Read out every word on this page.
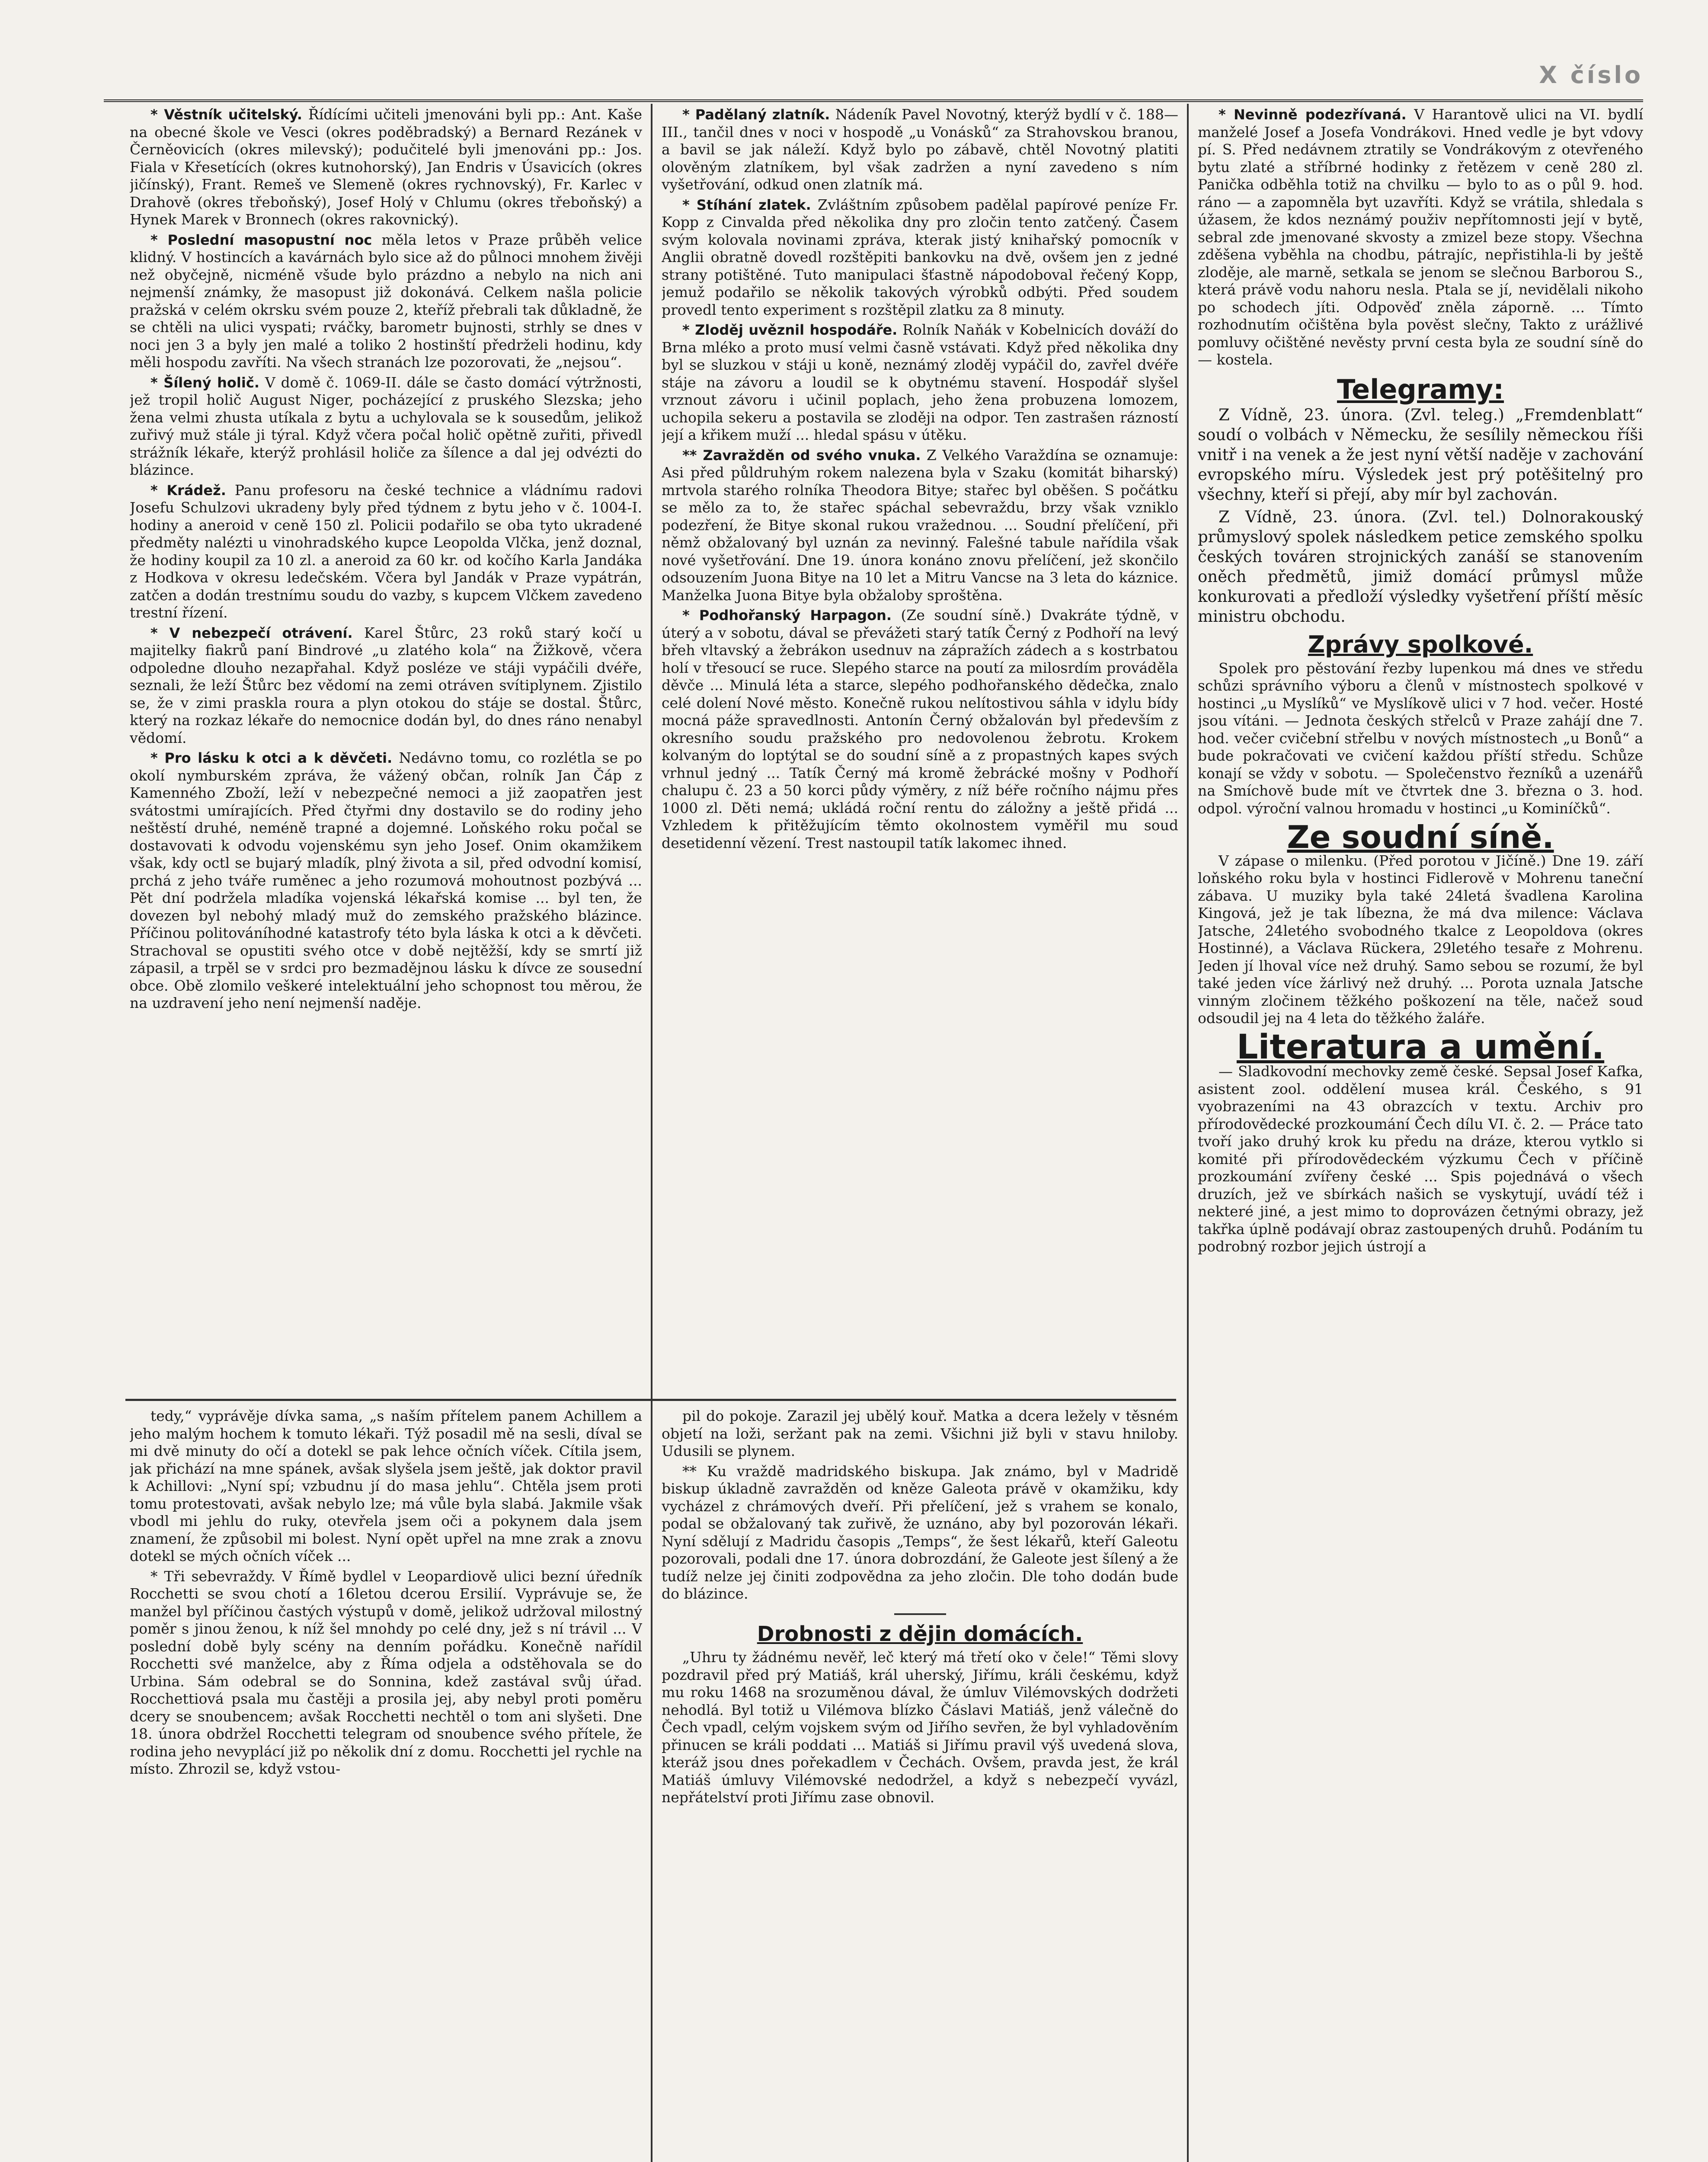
X číslo

* Věstník učitelský. Řídícími učiteli jmenováni byli pp.: Ant. Kaše na obecné škole ve Vesci (okres poděbradský) a Bernard Rezánek v Černěovicích (okres milevský); podučitelé byli jmenováni pp.: Jos. Fiala v Křesetících (okres kutnohorský), Jan Endris v Úsavicích (okres jičínský), Frant. Remeš ve Slemeně (okres rychnovský), Fr. Karlec v Drahově (okres třeboňský), Josef Holý v Chlumu (okres třeboňský) a Hynek Marek v Bronnech (okres rakovnický).

* Poslední masopustní noc měla letos v Praze průběh velice klidný. V hostincích a kavárnách bylo sice až do půlnoci mnohem živěji než obyčejně, nicméně všude bylo prázdno a nebylo na nich ani nejmenší známky, že masopust již dokonává. Celkem našla policie pražská v celém okrsku svém pouze 2, kteříž přebrali tak důkladně, že se chtěli na ulici vyspati; rváčky, barometr bujnosti, strhly se dnes v noci jen 3 a byly jen malé a toliko 2 hostinští předrželi hodinu, kdy měli hospodu zavříti. Na všech stranách lze pozorovati, že „nejsou“.

* Šílený holič. V domě č. 1069-II. dále se často domácí výtržnosti, jež tropil holič August Niger, pocházející z pruského Slezska; jeho žena velmi zhusta utíkala z bytu a uchylovala se k sousedům, jelikož zuřivý muž stále ji týral. Když včera počal holič opětně zuřiti, přivedl strážník lékaře, kterýž prohlásil holiče za šílence a dal jej odvézti do blázince.

* Krádež. Panu profesoru na české technice a vládnímu radovi Josefu Schulzovi ukradeny byly před týdnem z bytu jeho v č. 1004-I. hodiny a aneroid v ceně 150 zl. Policii podařilo se oba tyto ukradené předměty nalézti u vinohradského kupce Leopolda Vlčka, jenž doznal, že hodiny koupil za 10 zl. a aneroid za 60 kr. od kočího Karla Jandáka z Hodkova v okresu ledečském. Včera byl Jandák v Praze vypátrán, zatčen a dodán trestnímu soudu do vazby, s kupcem Vlčkem zavedeno trestní řízení.

* V nebezpečí otrávení. Karel Štůrc, 23 roků starý kočí u majitelky fiakrů paní Bindrové „u zlatého kola“ na Žižkově, včera odpoledne dlouho nezapřahal. Když posléze ve stáji vypáčili dvéře, seznali, že leží Štůrc bez vědomí na zemi otráven svítiplynem. Zjistilo se, že v zimi praskla roura a plyn otokou do stáje se dostal. Štůrc, který na rozkaz lékaře do nemocnice dodán byl, do dnes ráno nenabyl vědomí.

* Pro lásku k otci a k děvčeti. Nedávno tomu, co rozlétla se po okolí nymburském zpráva, že vážený občan, rolník Jan Čáp z Kamenného Zboží, leží v nebezpečné nemoci a již zaopatřen jest svátostmi umírajících. Před čtyřmi dny dostavilo se do rodiny jeho neštěstí druhé, neméně trapné a dojemné. Loňského roku počal se dostavovati k odvodu vojenskému syn jeho Josef. Onim okamžikem však, kdy octl se bujarý mladík, plný života a sil, před odvodní komisí, prchá z jeho tváře ruměnec a jeho rozumová mohoutnost pozbývá ... Pět dní podržela mladíka vojenská lékařská komise ... byl ten, že dovezen byl nebohý mladý muž do zemského pražského blázince. Příčinou politováníhodné katastrofy této byla láska k otci a k děvčeti. Strachoval se opustiti svého otce v době nejtěžší, kdy se smrtí již zápasil, a trpěl se v srdci pro bezmadějnou lásku k dívce ze sousední obce. Obě zlomilo veškeré intelektuální jeho schopnost tou měrou, že na uzdravení jeho není nejmenší naděje.

tedy,“ vyprávěje dívka sama, „s naším přítelem panem Achillem a jeho malým hochem k tomuto lékaři. Týž posadil mě na sesli, díval se mi dvě minuty do očí a dotekl se pak lehce očních víček. Cítila jsem, jak přichází na mne spánek, avšak slyšela jsem ještě, jak doktor pravil k Achillovi: „Nyní spí; vzbudnu jí do masa jehlu“. Chtěla jsem proti tomu protestovati, avšak nebylo lze; má vůle byla slabá. Jakmile však vbodl mi jehlu do ruky, otevřela jsem oči a pokynem dala jsem znamení, že způsobil mi bolest. Nyní opět upřel na mne zrak a znovu dotekl se mých očních víček ...

* Tři sebevraždy. V Římě bydlel v Leopardiově ulici bezní úředník Rocchetti se svou chotí a 16letou dcerou Ersilií. Vyprávuje se, že manžel byl příčinou častých výstupů v domě, jelikož udržoval milostný poměr s jinou ženou, k níž šel mnohdy po celé dny, jež s ní trávil ... V poslední době byly scény na denním pořádku. Konečně nařídil Rocchetti své manželce, aby z Říma odjela a odstěhovala se do Urbina. Sám odebral se do Sonnina, kdež zastával svůj úřad. Rocchettiová psala mu častěji a prosila jej, aby nebyl proti poměru dcery se snoubencem; avšak Rocchetti nechtěl o tom ani slyšeti. Dne 18. února obdržel Rocchetti telegram od snoubence svého přítele, že rodina jeho nevyplácí již po několik dní z domu. Rocchetti jel rychle na místo. Zhrozil se, když vstou-

* Padělaný zlatník. Nádeník Pavel Novotný, kterýž bydlí v č. 188—III., tančil dnes v noci v hospodě „u Vonásků“ za Strahovskou branou, a bavil se jak náleží. Když bylo po zábavě, chtěl Novotný platiti olověným zlatníkem, byl však zadržen a nyní zavedeno s ním vyšetřování, odkud onen zlatník má.

* Stíhání zlatek. Zvláštním způsobem padělal papírové peníze Fr. Kopp z Cinvalda před několika dny pro zločin tento zatčený. Časem svým kolovala novinami zpráva, kterak jistý knihařský pomocník v Anglii obratně dovedl rozštěpiti bankovku na dvě, ovšem jen z jedné strany potištěné. Tuto manipulaci šťastně nápodoboval řečený Kopp, jemuž podařilo se několik takových výrobků odbýti. Před soudem provedl tento experiment s rozštěpil zlatku za 8 minuty.

* Zloděj uvěznil hospodáře. Rolník Naňák v Kobelnicích dováží do Brna mléko a proto musí velmi časně vstávati. Když před několika dny byl se sluzkou v stáji u koně, neznámý zloděj vypáčil do, zavřel dvéře stáje na závoru a loudil se k obytnému stavení. Hospodář slyšel vrznout závoru i učinil poplach, jeho žena probuzena lomozem, uchopila sekeru a postavila se zloději na odpor. Ten zastrašen rázností její a křikem muží ... hledal spásu v útěku.

** Zavražděn od svého vnuka. Z Velkého Varaždína se oznamuje: Asi před půldruhým rokem nalezena byla v Szaku (komitát biharský) mrtvola starého rolníka Theodora Bitye; stařec byl oběšen. S počátku se mělo za to, že stařec spáchal sebevraždu, brzy však vzniklo podezření, že Bitye skonal rukou vražednou. ... Soudní přelíčení, při němž obžalovaný byl uznán za nevinný. Falešné tabule nařídila však nové vyšetřování. Dne 19. února konáno znovu přelíčení, jež skončilo odsouzením Juona Bitye na 10 let a Mitru Vancse na 3 leta do káznice. Manželka Juona Bitye byla obžaloby sproštěna.

* Podhořanský Harpagon. (Ze soudní síně.) Dvakráte týdně, v úterý a v sobotu, dával se převážeti starý tatík Černý z Podhoří na levý břeh vltavský a žebrákon usednuv na zápražích zádech a s kostrbatou holí v třesoucí se ruce. Slepého starce na poutí za milosrdím prováděla děvče ... Minulá léta a starce, slepého podhořanského dědečka, znalo celé dolení Nové město. Konečně rukou nelítostivou sáhla v idylu bídy mocná páže spravedlnosti. Antonín Černý obžalován byl především z okresního soudu pražského pro nedovolenou žebrotu. Krokem kolvaným do loptýtal se do soudní síně a z propastných kapes svých vrhnul jedný ... Tatík Černý má kromě žebrácké mošny v Podhoří chalupu č. 23 a 50 korci půdy výměry, z níž béře ročního nájmu přes 1000 zl. Děti nemá; ukládá roční rentu do záložny a ještě přidá ... Vzhledem k přitěžujícím těmto okolnostem vyměřil mu soud desetidenní vězení. Trest nastoupil tatík lakomec ihned.

pil do pokoje. Zarazil jej ubělý kouř. Matka a dcera ležely v těsném objetí na loži, seržant pak na zemi. Všichni již byli v stavu hniloby. Udusili se plynem.

** Ku vraždě madridského biskupa. Jak známo, byl v Madridě biskup úkladně zavražděn od kněze Galeota právě v okamžiku, kdy vycházel z chrámových dveří. Při přelíčení, jež s vrahem se konalo, podal se obžalovaný tak zuřivě, že uznáno, aby byl pozorován lékaři. Nyní sdělují z Madridu časopis „Temps“, že šest lékařů, kteří Galeotu pozorovali, podali dne 17. února dobrozdání, že Galeote jest šílený a že tudíž nelze jej činiti zodpovědna za jeho zločin. Dle toho dodán bude do blázince.

Drobnosti z dějin domácích.

„Uhru ty žádnému nevěř, leč který má třetí oko v čele!“ Těmi slovy pozdravil před prý Matiáš, král uherský, Jiřímu, králi českému, když mu roku 1468 na srozuměnou dával, že úmluv Vilémovských dodržeti nehodlá. Byl totiž u Vilémova blízko Čáslavi Matiáš, jenž válečně do Čech vpadl, celým vojskem svým od Jiřího sevřen, že byl vyhladověním přinucen se králi poddati ... Matiáš si Jiřímu pravil výš uvedená slova, kteráž jsou dnes pořekadlem v Čechách. Ovšem, pravda jest, že král Matiáš úmluvy Vilémovské nedodržel, a když s nebezpečí vyvázl, nepřátelství proti Jiřímu zase obnovil.

* Nevinně podezřívaná. V Harantově ulici na VI. bydlí manželé Josef a Josefa Vondrákovi. Hned vedle je byt vdovy pí. S. Před nedávnem ztratily se Vondrákovým z otevřeného bytu zlaté a stříbrné hodinky z řetězem v ceně 280 zl. Panička odběhla totiž na chvilku — bylo to as o půl 9. hod. ráno — a zapomněla byt uzavříti. Když se vrátila, shledala s úžasem, že kdos neznámý použiv nepřítomnosti její v bytě, sebral zde jmenované skvosty a zmizel beze stopy. Všechna zděšena vyběhla na chodbu, pátrajíc, nepřistihla-li by ještě zloděje, ale marně, setkala se jenom se slečnou Barborou S., která právě vodu nahoru nesla. Ptala se jí, nevidělali nikoho po schodech jíti. Odpověď zněla záporně. ... Tímto rozhodnutím očištěna byla pověst slečny, Takto z urážlivé pomluvy očištěné nevěsty první cesta byla ze soudní síně do — kostela.

Telegramy:

Z Vídně, 23. února. (Zvl. teleg.) „Fremdenblatt“ soudí o volbách v Německu, že sesílily německou říši vnitř i na venek a že jest nyní větší naděje v zachování evropského míru. Výsledek jest prý potěšitelný pro všechny, kteří si přejí, aby mír byl zachován.

Z Vídně, 23. února. (Zvl. tel.) Dolnorakouský průmyslový spolek následkem petice zemského spolku českých továren strojnických zanáší se stanovením oněch předmětů, jimiž domácí průmysl může konkurovati a předloží výsledky vyšetření příští měsíc ministru obchodu.

Zprávy spolkové.

Spolek pro pěstování řezby lupenkou má dnes ve středu schůzi správního výboru a členů v místnostech spolkové v hostinci „u Myslíků“ ve Myslíkově ulici v 7 hod. večer. Hosté jsou vítáni. — Jednota českých střelců v Praze zahájí dne 7. hod. večer cvičební střelbu v nových místnostech „u Bonů“ a bude pokračovati ve cvičení každou příští středu. Schůze konají se vždy v sobotu. — Společenstvo řezníků a uzenářů na Smíchově bude mít ve čtvrtek dne 3. března o 3. hod. odpol. výroční valnou hromadu v hostinci „u Kominíčků“.

Ze soudní síně.

V zápase o milenku. (Před porotou v Jičíně.) Dne 19. září loňského roku byla v hostinci Fidlerově v Mohrenu taneční zábava. U muziky byla také 24letá švadlena Karolina Kingová, jež je tak líbezna, že má dva milence: Václava Jatsche, 24letého svobodného tkalce z Leopoldova (okres Hostinné), a Václava Rückera, 29letého tesaře z Mohrenu. Jeden jí lhoval více než druhý. Samo sebou se rozumí, že byl také jeden více žárlivý než druhý. ... Porota uznala Jatsche vinným zločinem těžkého poškození na těle, načež soud odsoudil jej na 4 leta do těžkého žaláře.

Literatura a umění.

— Sladkovodní mechovky země české. Sepsal Josef Kafka, asistent zool. oddělení musea král. Českého, s 91 vyobrazeními na 43 obrazcích v textu. Archiv pro přírodovědecké prozkoumání Čech dílu VI. č. 2. — Práce tato tvoří jako druhý krok ku předu na dráze, kterou vytklo si komité při přírodovědeckém výzkumu Čech v příčině prozkoumání zvířeny české ... Spis pojednává o všech druzích, jež ve sbírkách našich se vyskytují, uvádí též i nekteré jiné, a jest mimo to doprovázen četnými obrazy, jež takřka úplně podávají obraz zastoupených druhů. Podáním tu podrobný rozbor jejich ústrojí a
